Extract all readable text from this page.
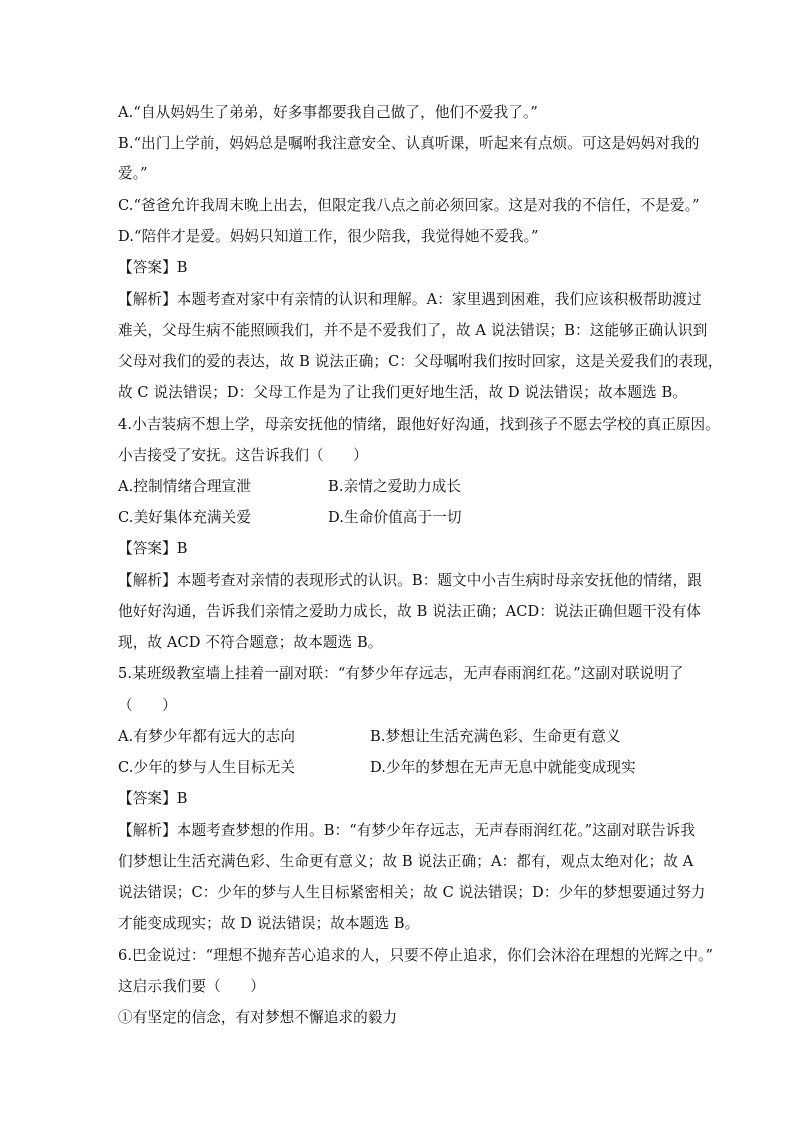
A.“自从妈妈生了弟弟，好多事都要我自己做了，他们不爱我了。”
B.“出门上学前，妈妈总是嘱咐我注意安全、认真听课，听起来有点烦。可这是妈妈对我的
爱。”
C.“爸爸允许我周末晚上出去，但限定我八点之前必须回家。这是对我的不信任，不是爱。”
D.“陪伴才是爱。妈妈只知道工作，很少陪我，我觉得她不爱我。”
【答案】B
【解析】本题考查对家中有亲情的认识和理解。A：家里遇到困难，我们应该积极帮助渡过
难关，父母生病不能照顾我们，并不是不爱我们了，故 A 说法错误；B：这能够正确认识到
父母对我们的爱的表达，故 B 说法正确；C：父母嘱咐我们按时回家，这是关爱我们的表现，
故 C 说法错误；D：父母工作是为了让我们更好地生活，故 D 说法错误；故本题选 B。
4.小吉装病不想上学，母亲安抚他的情绪，跟他好好沟通，找到孩子不愿去学校的真正原因。
小吉接受了安抚。这告诉我们（　　）
A.控制情绪合理宣泄	B.亲情之爱助力成长
C.美好集体充满关爱	D.生命价值高于一切
【答案】B
【解析】本题考查对亲情的表现形式的认识。B：题文中小吉生病时母亲安抚他的情绪，跟
他好好沟通，告诉我们亲情之爱助力成长，故 B 说法正确；ACD：说法正确但题干没有体
现，故 ACD 不符合题意；故本题选 B。
5.某班级教室墙上挂着一副对联：“有梦少年存远志，无声春雨润红花。”这副对联说明了
（　　）
A.有梦少年都有远大的志向	B.梦想让生活充满色彩、生命更有意义
C.少年的梦与人生目标无关	D.少年的梦想在无声无息中就能变成现实
【答案】B
【解析】本题考查梦想的作用。B：“有梦少年存远志，无声春雨润红花。”这副对联告诉我
们梦想让生活充满色彩、生命更有意义；故 B 说法正确；A：都有，观点太绝对化；故 A
说法错误；C：少年的梦与人生目标紧密相关；故 C 说法错误；D：少年的梦想要通过努力
才能变成现实；故 D 说法错误；故本题选 B。
6.巴金说过：“理想不抛弃苦心追求的人，只要不停止追求，你们会沐浴在理想的光辉之中。”
这启示我们要（　　）
①有坚定的信念，有对梦想不懈追求的毅力
